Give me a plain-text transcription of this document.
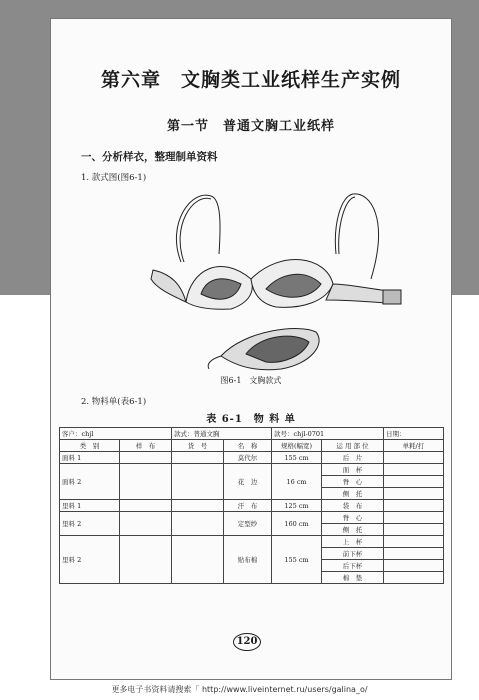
第六章　文胸类工业纸样生产实例
第一节　普通文胸工业纸样
一、分析样衣，整理制单资料
1. 款式图(图6-1)
图6-1　文胸款式
2. 物料单(表6-1)
表 6-1　物 料 单
客户：chjl		款式：普通文胸		款号：chjl-0701		日期：
类　别	样　布	货　号	名　称	规格(幅宽)	运 用 部 位	单耗/打
面料 1			莫代尔	155 cm	后　片	
面料 2			花　边	16 cm	面　杯	
					脊　心	
					侧　托	
里料 1			汗　布	125 cm	袋　布	
里料 2			定型纱	160 cm	脊　心	
					侧　托	
里料 2			贴布棉	155 cm	上　杯	
					前下杯	
					后下杯	
					棉　垫	
120
更多电子书资料请搜索「 http://www.liveinternet.ru/users/galina_o/
